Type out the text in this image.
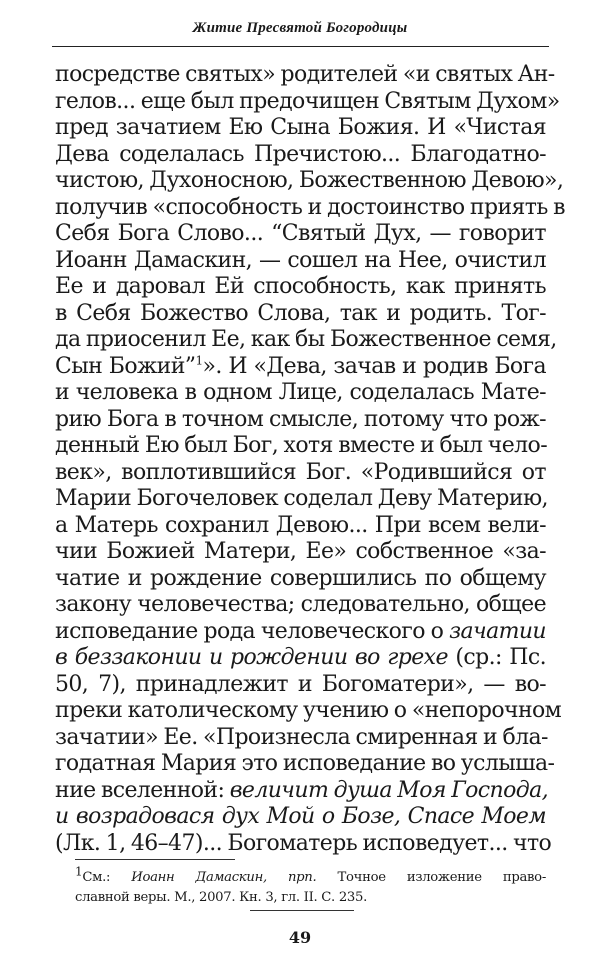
Житие Пресвятой Богородицы
посредстве святых» родителей «и святых Ан-
гелов... еще был предочищен Святым Духом»
пред зачатием Ею Сына Божия. И «Чистая
Дева соделалась Пречистою... Благодатно-
чистою, Духоносною, Божественною Девою»,
получив «способность и достоинство приять в
Себя Бога Слово... “Святый Дух, — говорит
Иоанн Дамаскин, — сошел на Нее, очистил
Ее и даровал Ей способность, как принять
в Себя Божество Слова, так и родить. Тог-
да приосенил Ее, как бы Божественное семя,
Сын Божий”$^1$». И «Дева, зачав и родив Бога
и человека в одном Лице, соделалась Мате-
рию Бога в точном смысле, потому что рож-
денный Ею был Бог, хотя вместе и был чело-
век», воплотившийся Бог. «Родившийся от
Марии Богочеловек соделал Деву Материю,
а Матерь сохранил Девою... При всем вели-
чии Божией Матери, Ее» собственное «за-
чатие и рождение совершились по общему
закону человечества; следовательно, общее
исповедание рода человеческого о зачатии
в беззаконии и рождении во грехе (ср.: Пс.
50, 7), принадлежит и Богоматери», — во-
преки католическому учению о «непорочном
зачатии» Ее. «Произнесла смиренная и бла-
годатная Мария это исповедание во услыша-
ние вселенной: величит душа Моя Господа,
и возрадовася дух Мой о Бозе, Спасе Моем
(Лк. 1, 46–47)... Богоматерь исповедует... что
$^1$См.: Иоанн Дамаскин, прп. Точное изложение право-
славной веры. М., 2007. Кн. 3, гл. II. С. 235.
49
